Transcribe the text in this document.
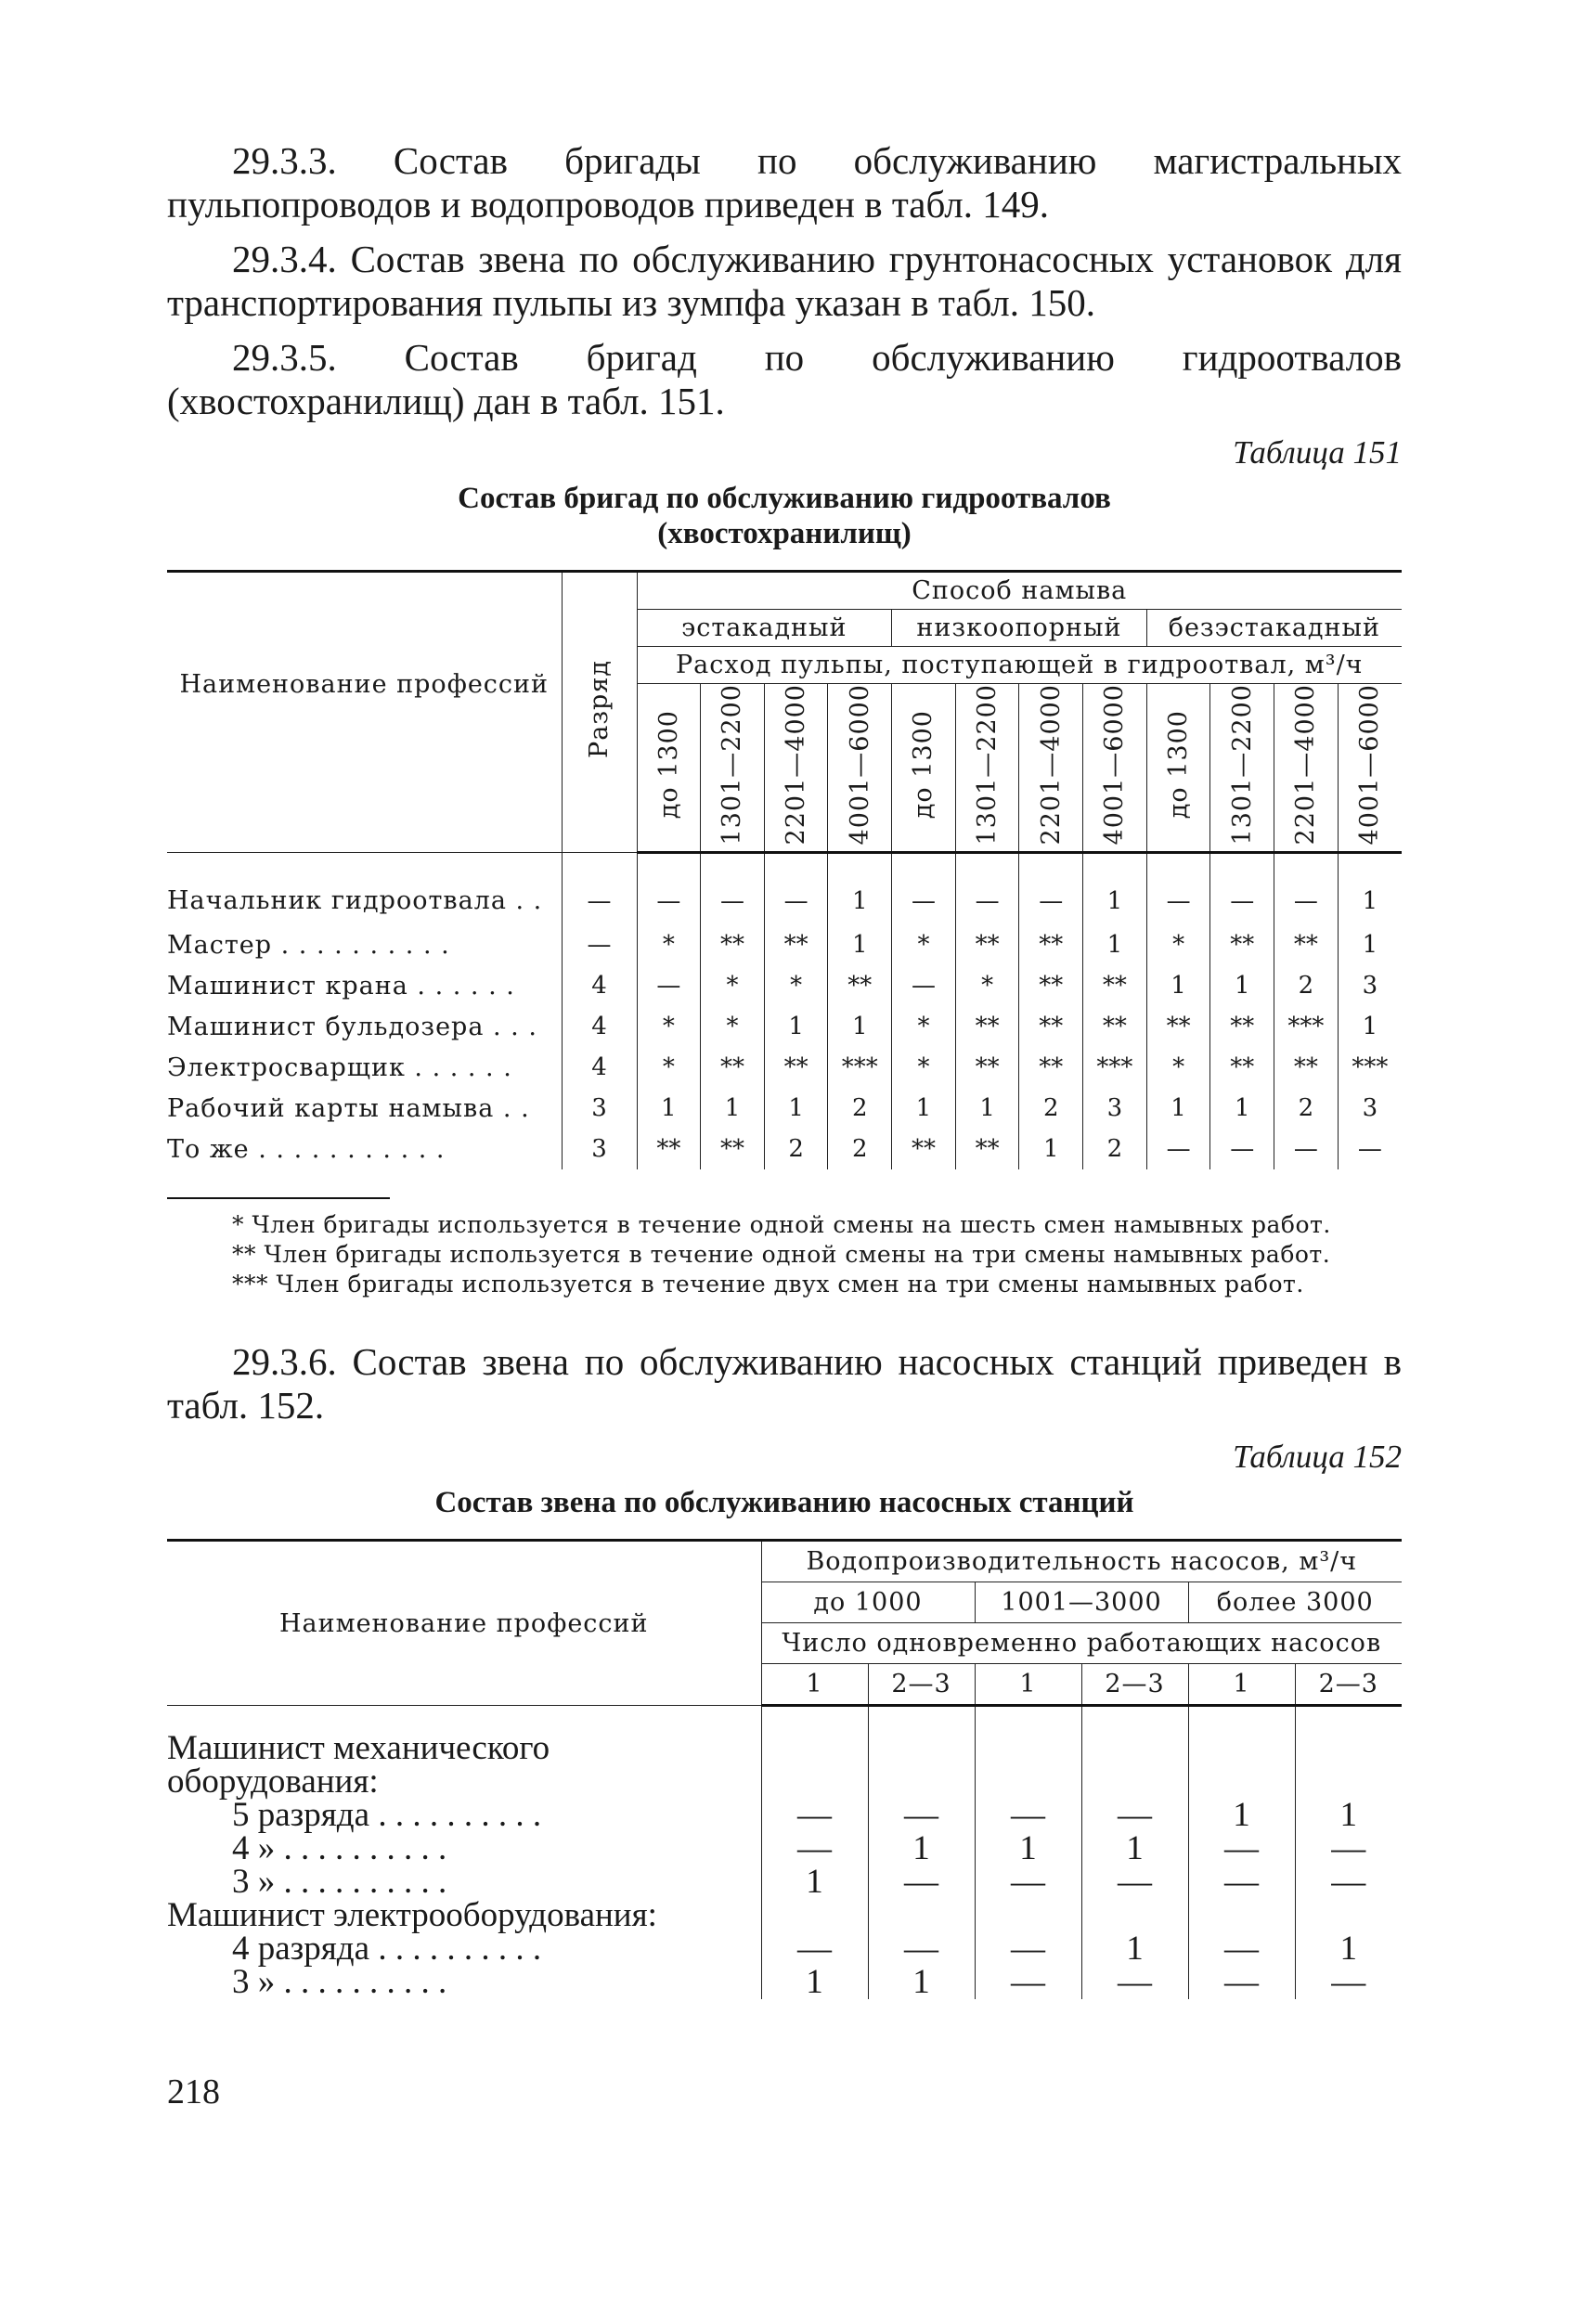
29.3.3. Состав бригады по обслуживанию магистральных пульпопроводов и водопроводов приведен в табл. 149.

29.3.4. Состав звена по обслуживанию грунтонасосных установок для транспортирования пульпы из зумпфа указан в табл. 150.

29.3.5. Состав бригад по обслуживанию гидроотвалов (хвостохранилищ) дан в табл. 151.

Таблица 151
Состав бригад по обслуживанию гидроотвалов
(хвостохранилищ)
Наименование профессий	Разряд	Способ намыва											
		эстакадный				низкоопорный				безэстакадный			
		Расход пульпы, поступающей в гидроотвал, м³/ч											
		до 1300	1301—2200	2201—4000	4001—6000	до 1300	1301—2200	2201—4000	4001—6000	до 1300	1301—2200	2201—4000	4001—6000
Начальник гидроотвала . .	—	—	—	—	1	—	—	—	1	—	—	—	1
Мастер . . . . . . . . . .	—	*	**	**	1	*	**	**	1	*	**	**	1
Машинист крана . . . . . .	4	—	*	*	**	—	*	**	**	1	1	2	3
Машинист бульдозера . . .	4	*	*	1	1	*	**	**	**	**	**	***	1
Электросварщик . . . . . .	4	*	**	**	***	*	**	**	***	*	**	**	***
Рабочий карты намыва . .	3	1	1	1	2	1	1	2	3	1	1	2	3
То же . . . . . . . . . . .	3	**	**	2	2	**	**	1	2	—	—	—	—
* Член бригады используется в течение одной смены на шесть смен намывных работ.
** Член бригады используется в течение одной смены на три смены намывных работ.
*** Член бригады используется в течение двух смен на три смены намывных работ.

29.3.6. Состав звена по обслуживанию насосных станций приведен в табл. 152.

Таблица 152
Состав звена по обслуживанию насосных станций
Наименование профессий	Водопроизводительность насосов, м³/ч					
	до 1000		1001—3000		более 3000	
	Число одновременно работающих насосов					
	1	2—3	1	2—3	1	2—3
Машинист механического оборудования:						
5 разряда . . .	—	—	—	—	1	1
4 » . . .	—	1	1	1	—	—
3 » . . .	1	—	—	—	—	—
Машинист электрооборудования:						
4 разряда . . .	—	—	—	1	—	1
3 » . . .	1	1	—	—	—	—
218
